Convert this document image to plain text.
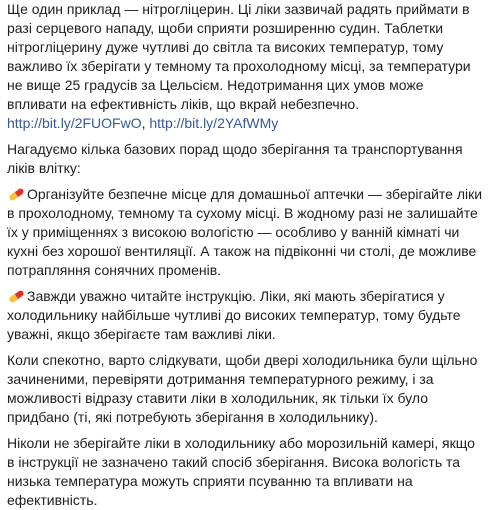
Ще один приклад — нітрогліцерин. Ці ліки зазвичай радять приймати в разі серцевого нападу, щоби сприяти розширенню судин. Таблетки нітрогліцерину дуже чутливі до світла та високих температур, тому важливо їх зберігати у темному та прохолодному місці, за температури не вище 25 градусів за Цельсієм. Недотримання цих умов може впливати на ефективність ліків, що вкрай небезпечно.

http://bit.ly/2FUOFwO, http://bit.ly/2YAfWMy

Нагадуємо кілька базових порад щодо зберігання та транспортування ліків влітку:

Організуйте безпечне місце для домашньої аптечки — зберігайте ліки в прохолодному, темному та сухому місці. В жодному разі не залишайте їх у приміщеннях з високою вологістю — особливо у ванній кімнаті чи кухні без хорошої вентиляції. А також на підвіконні чи столі, де можливе потрапляння сонячних променів.

Завжди уважно читайте інструкцію. Ліки, які мають зберігатися у холодильнику найбільше чутливі до високих температур, тому будьте уважні, якщо зберігаєте там важливі ліки.

Коли спекотно, варто слідкувати, щоби двері холодильника були щільно зачиненими, перевіряти дотримання температурного режиму, і за можливості відразу ставити ліки в холодильник, як тільки їх було придбано (ті, які потребують зберігання в холодильнику).

Ніколи не зберігайте ліки в холодильнику або морозильній камері, якщо в інструкції не зазначено такий спосіб зберігання. Висока вологість та низька температура можуть сприяти псуванню та впливати на ефективність.
